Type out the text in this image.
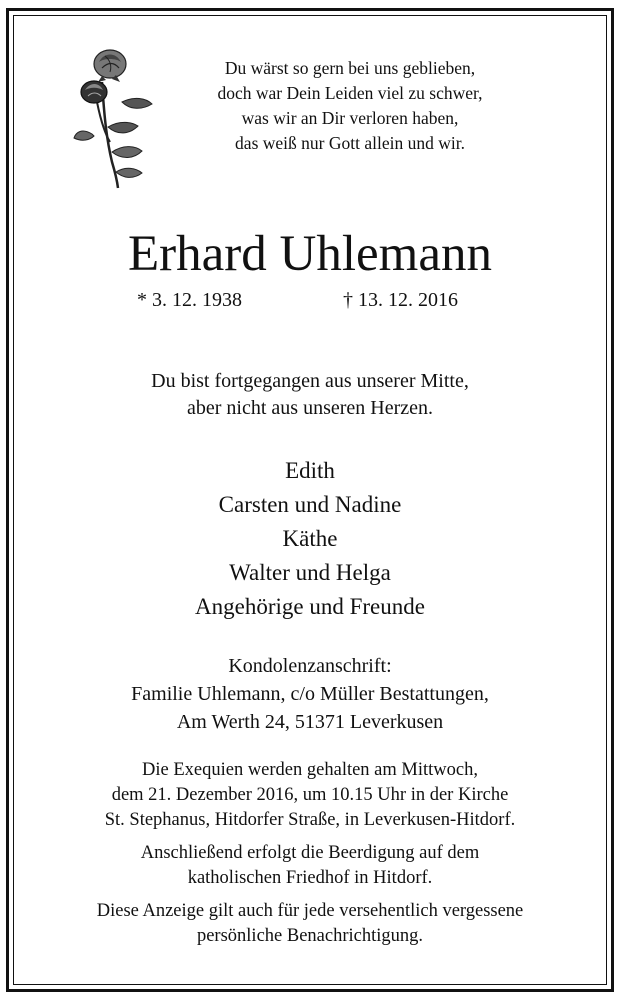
Du wärst so gern bei uns geblieben,
doch war Dein Leiden viel zu schwer,
was wir an Dir verloren haben,
das weiß nur Gott allein und wir.
Erhard Uhlemann
* 3. 12. 1938	† 13. 12. 2016
Du bist fortgegangen aus unserer Mitte,
aber nicht aus unseren Herzen.
Edith
Carsten und Nadine
Käthe
Walter und Helga
Angehörige und Freunde
Kondolenzanschrift:
Familie Uhlemann, c/o Müller Bestattungen,
Am Werth 24, 51371 Leverkusen
Die Exequien werden gehalten am Mittwoch,
dem 21. Dezember 2016, um 10.15 Uhr in der Kirche
St. Stephanus, Hitdorfer Straße, in Leverkusen-Hitdorf.
Anschließend erfolgt die Beerdigung auf dem
katholischen Friedhof in Hitdorf.
Diese Anzeige gilt auch für jede versehentlich vergessene
persönliche Benachrichtigung.
